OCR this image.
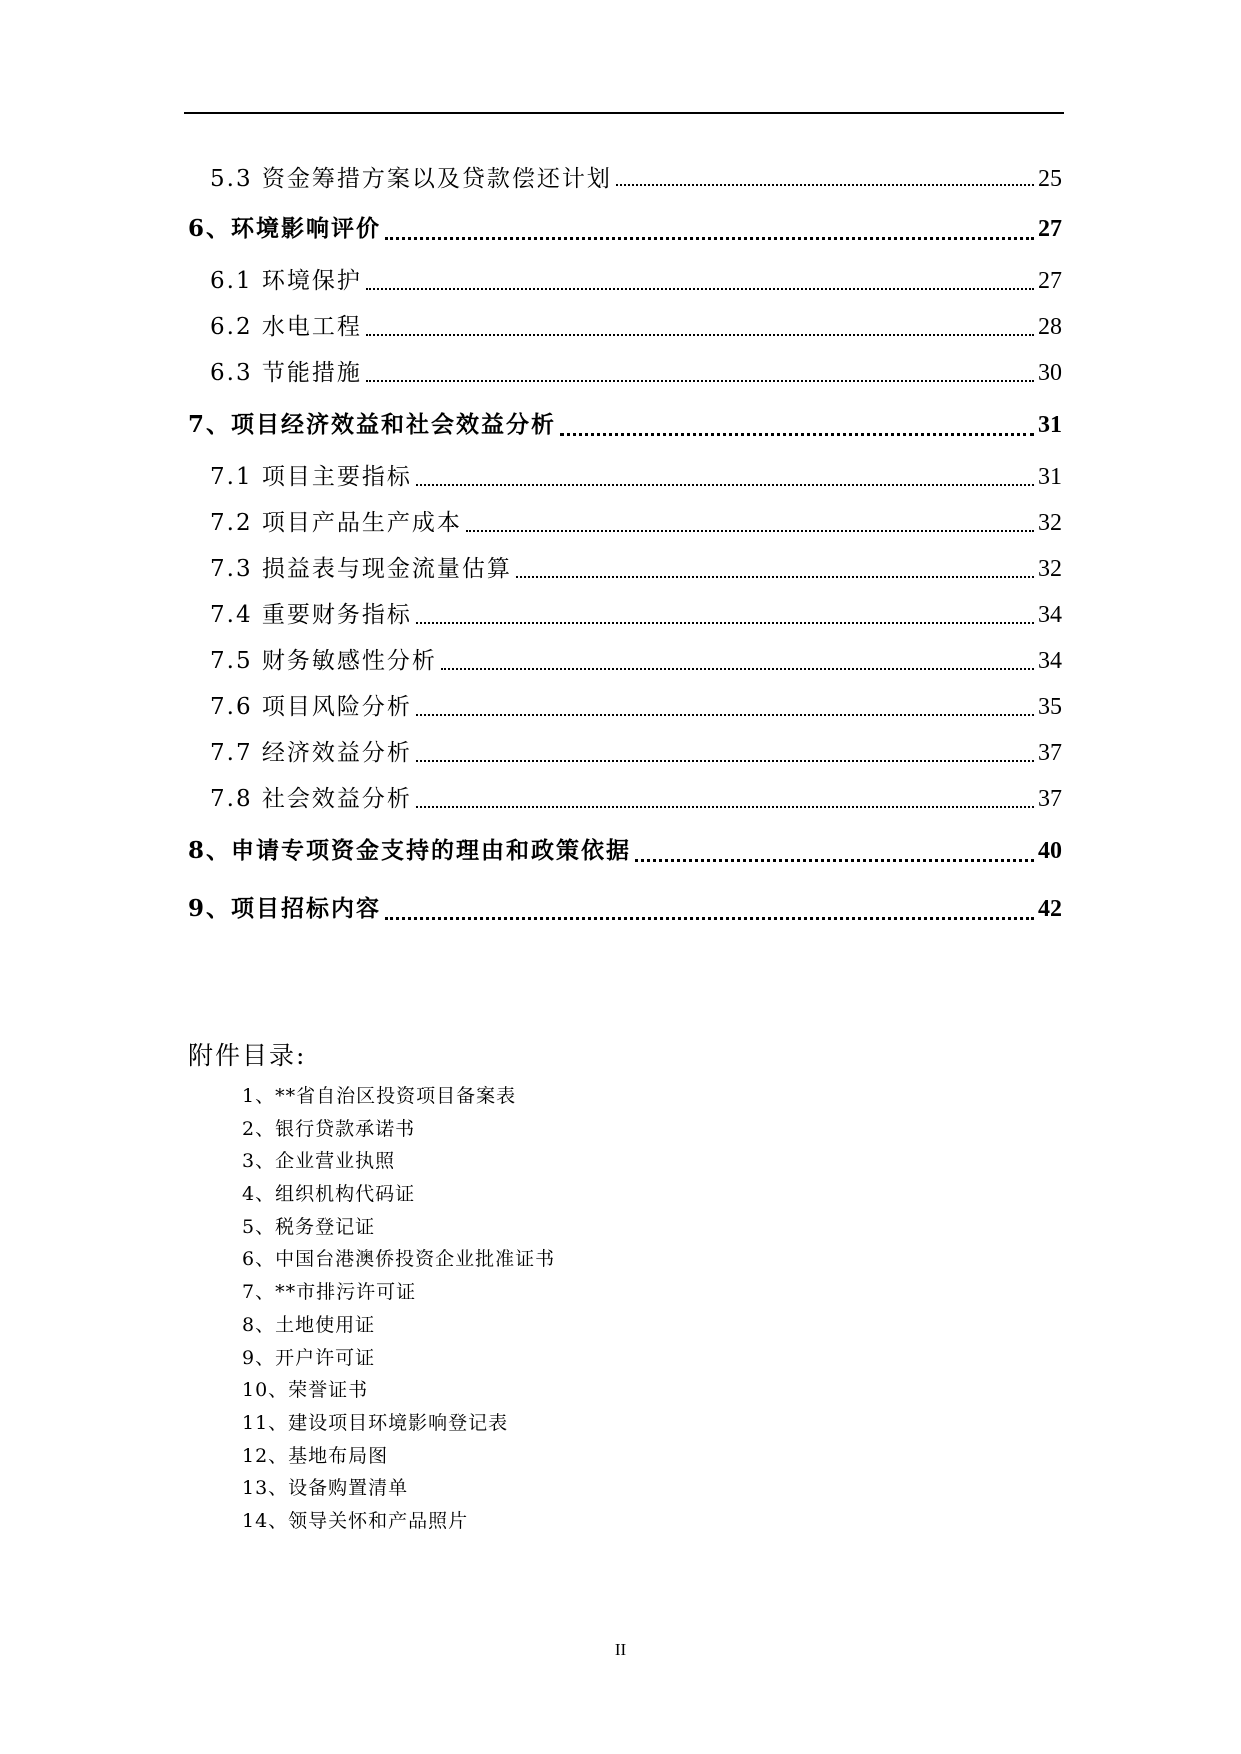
5.3 资金筹措方案以及贷款偿还计划	25
6、环境影响评价	27
6.1 环境保护	27
6.2 水电工程	28
6.3 节能措施	30
7、项目经济效益和社会效益分析	31
7.1 项目主要指标	31
7.2 项目产品生产成本	32
7.3 损益表与现金流量估算	32
7.4 重要财务指标	34
7.5 财务敏感性分析	34
7.6 项目风险分析	35
7.7 经济效益分析	37
7.8 社会效益分析	37
8、申请专项资金支持的理由和政策依据	40
9、项目招标内容	42
附件目录:
1、**省自治区投资项目备案表
2、银行贷款承诺书
3、企业营业执照
4、组织机构代码证
5、税务登记证
6、中国台港澳侨投资企业批准证书
7、**市排污许可证
8、土地使用证
9、开户许可证
10、荣誉证书
11、建设项目环境影响登记表
12、基地布局图
13、设备购置清单
14、领导关怀和产品照片
II
